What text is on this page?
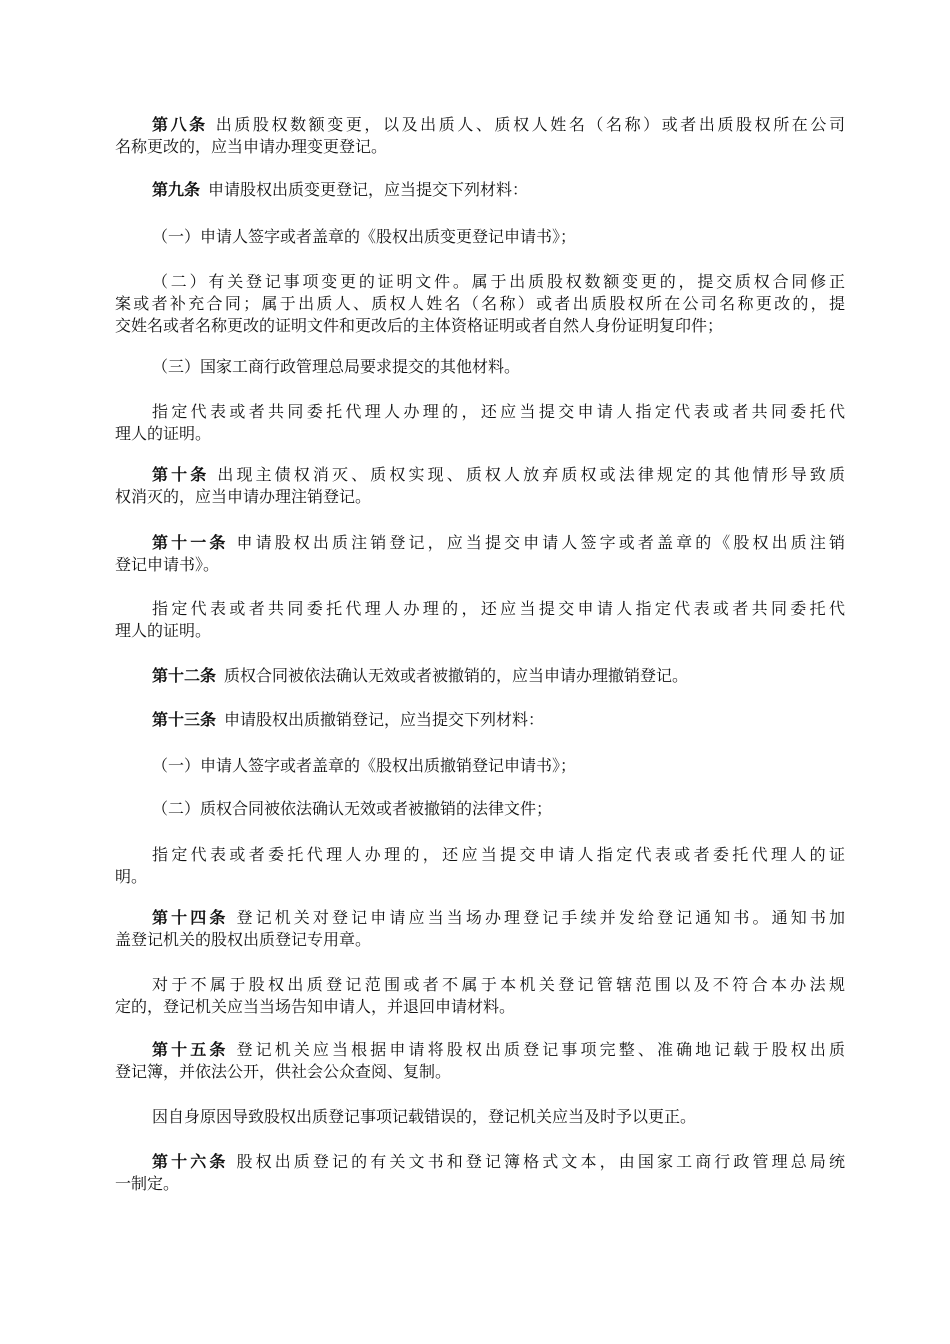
第八条 出质股权数额变更，以及出质人、质权人姓名（名称）或者出质股权所在公司
名称更改的，应当申请办理变更登记。
第九条 申请股权出质变更登记，应当提交下列材料：
（一）申请人签字或者盖章的《股权出质变更登记申请书》；
（二）有关登记事项变更的证明文件。属于出质股权数额变更的，提交质权合同修正
案或者补充合同；属于出质人、质权人姓名（名称）或者出质股权所在公司名称更改的，提
交姓名或者名称更改的证明文件和更改后的主体资格证明或者自然人身份证明复印件；
（三）国家工商行政管理总局要求提交的其他材料。
指定代表或者共同委托代理人办理的，还应当提交申请人指定代表或者共同委托代
理人的证明。
第十条 出现主债权消灭、质权实现、质权人放弃质权或法律规定的其他情形导致质
权消灭的，应当申请办理注销登记。
第十一条 申请股权出质注销登记，应当提交申请人签字或者盖章的《股权出质注销
登记申请书》。
指定代表或者共同委托代理人办理的，还应当提交申请人指定代表或者共同委托代
理人的证明。
第十二条 质权合同被依法确认无效或者被撤销的，应当申请办理撤销登记。
第十三条 申请股权出质撤销登记，应当提交下列材料：
（一）申请人签字或者盖章的《股权出质撤销登记申请书》；
（二）质权合同被依法确认无效或者被撤销的法律文件；
指定代表或者委托代理人办理的，还应当提交申请人指定代表或者委托代理人的证
明。
第十四条 登记机关对登记申请应当当场办理登记手续并发给登记通知书。通知书加
盖登记机关的股权出质登记专用章。
对于不属于股权出质登记范围或者不属于本机关登记管辖范围以及不符合本办法规
定的，登记机关应当当场告知申请人，并退回申请材料。
第十五条 登记机关应当根据申请将股权出质登记事项完整、准确地记载于股权出质
登记簿，并依法公开，供社会公众查阅、复制。
因自身原因导致股权出质登记事项记载错误的，登记机关应当及时予以更正。
第十六条 股权出质登记的有关文书和登记簿格式文本，由国家工商行政管理总局统
一制定。
